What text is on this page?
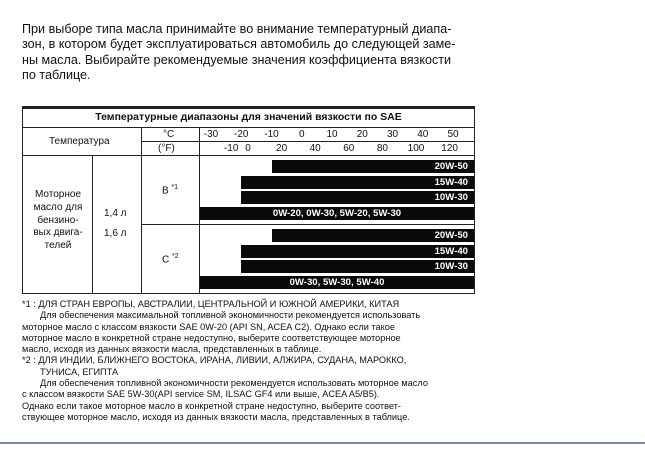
При выборе типа масла принимайте во внимание температурный диапа-
зон, в котором будет эксплуатироваться автомобиль до следующей заме-
ны масла. Выбирайте рекомендуемые значения коэффициента вязкости
по таблице.
Температурные диапазоны для значений вязкости по SAE
Температура
°C
(°F)
-30 -20 -10 0 10 20 30 40 50
-10 0	20 40 60 80 100 120
Моторное
масло для
бензино-
вых двига-
телей
1,4 л
1,6 л
B $^{*1}$
C $^{*2}$
20W-50
15W-40
10W-30
0W-20, 0W-30, 5W-20, 5W-30
20W-50
15W-40
10W-30
0W-30, 5W-30, 5W-40
*1 : ДЛЯ СТРАН ЕВРОПЫ, АВСТРАЛИИ, ЦЕНТРАЛЬНОЙ И ЮЖНОЙ АМЕРИКИ, КИТАЯ
Для обеспечения максимальной топливной экономичности рекомендуется использовать
моторное масло с классом вязкости SAE 0W-20 (API SN, ACEA C2). Однако если такое
моторное масло в конкретной стране недоступно, выберите соответствующее моторное
масло, исходя из данных вязкости масла, представленных в таблице.
*2 : ДЛЯ ИНДИИ, БЛИЖНЕГО ВОСТОКА, ИРАНА, ЛИВИИ, АЛЖИРА, СУДАНА, МАРОККО,
ТУНИСА, ЕГИПТА
Для обеспечения топливной экономичности рекомендуется использовать моторное масло
с классом вязкости SAE 5W-30(API service SM, ILSAC GF4 или выше, ACEA A5/B5).
Однако если такое моторное масло в конкретной стране недоступно, выберите соответ-
ствующее моторное масло, исходя из данных вязкости масла, представленных в таблице.
